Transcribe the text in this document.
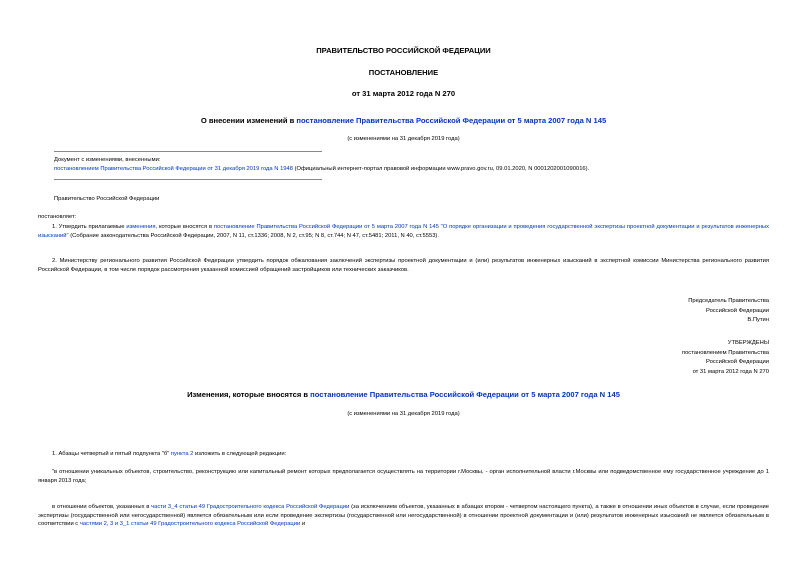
ПРАВИТЕЛЬСТВО РОССИЙСКОЙ ФЕДЕРАЦИИ
ПОСТАНОВЛЕНИЕ
от 31 марта 2012 года N 270
О внесении изменений в постановление Правительства Российской Федерации от 5 марта 2007 года N 145
(с изменениями на 31 декабря 2019 года)
Документ с изменениями, внесенными:
постановлением Правительства Российской Федерации от 31 декабря 2019 года N 1948 (Официальный интернет-портал правовой информации www.pravo.gov.ru, 09.01.2020, N 0001202001090016).
Правительство Российской Федерации
постановляет:
1. Утвердить прилагаемые изменения, которые вносятся в постановление Правительства Российской Федерации от 5 марта 2007 года N 145 "О порядке организации и проведения государственной экспертизы проектной документации и результатов инженерных изысканий" (Собрание законодательства Российской Федерации, 2007, N 11, ст.1336; 2008, N 2, ст.95; N 8, ст.744; N 47, ст.5481; 2011, N 40, ст.5553).
2. Министерству регионального развития Российской Федерации утвердить порядок обжалования заключений экспертизы проектной документации и (или) результатов инженерных изысканий в экспертной комиссии Министерства регионального развития Российской Федерации, в том числе порядок рассмотрения указанной комиссией обращений застройщиков или технических заказчиков.
Председатель Правительства
Российской Федерации
В.Путин
УТВЕРЖДЕНЫ
постановлением Правительства
Российской Федерации
от 31 марта 2012 года N 270
Изменения, которые вносятся в постановление Правительства Российской Федерации от 5 марта 2007 года N 145
(с изменениями на 31 декабря 2019 года)
1. Абзацы четвертый и пятый подпункта "б" пункта 2 изложить в следующей редакции:
"в отношении уникальных объектов, строительство, реконструкцию или капитальный ремонт которых предполагается осуществлять на территории г.Москвы, - орган исполнительной власти г.Москвы или подведомственное ему государственное учреждение до 1 января 2013 года;
в отношении объектов, указанных в части 3_4 статьи 49 Градостроительного кодекса Российской Федерации (за исключением объектов, указанных в абзацах втором - четвертом настоящего пункта), а также в отношении иных объектов в случае, если проведение экспертизы (государственной или негосударственной) является обязательным или если проведение экспертизы (государственной или негосударственной) в отношении проектной документации и (или) результатов инженерных изысканий не является обязательным в соответствии с частями 2, 3 и 3_1 статьи 49 Градостроительного кодекса Российской Федерации и
